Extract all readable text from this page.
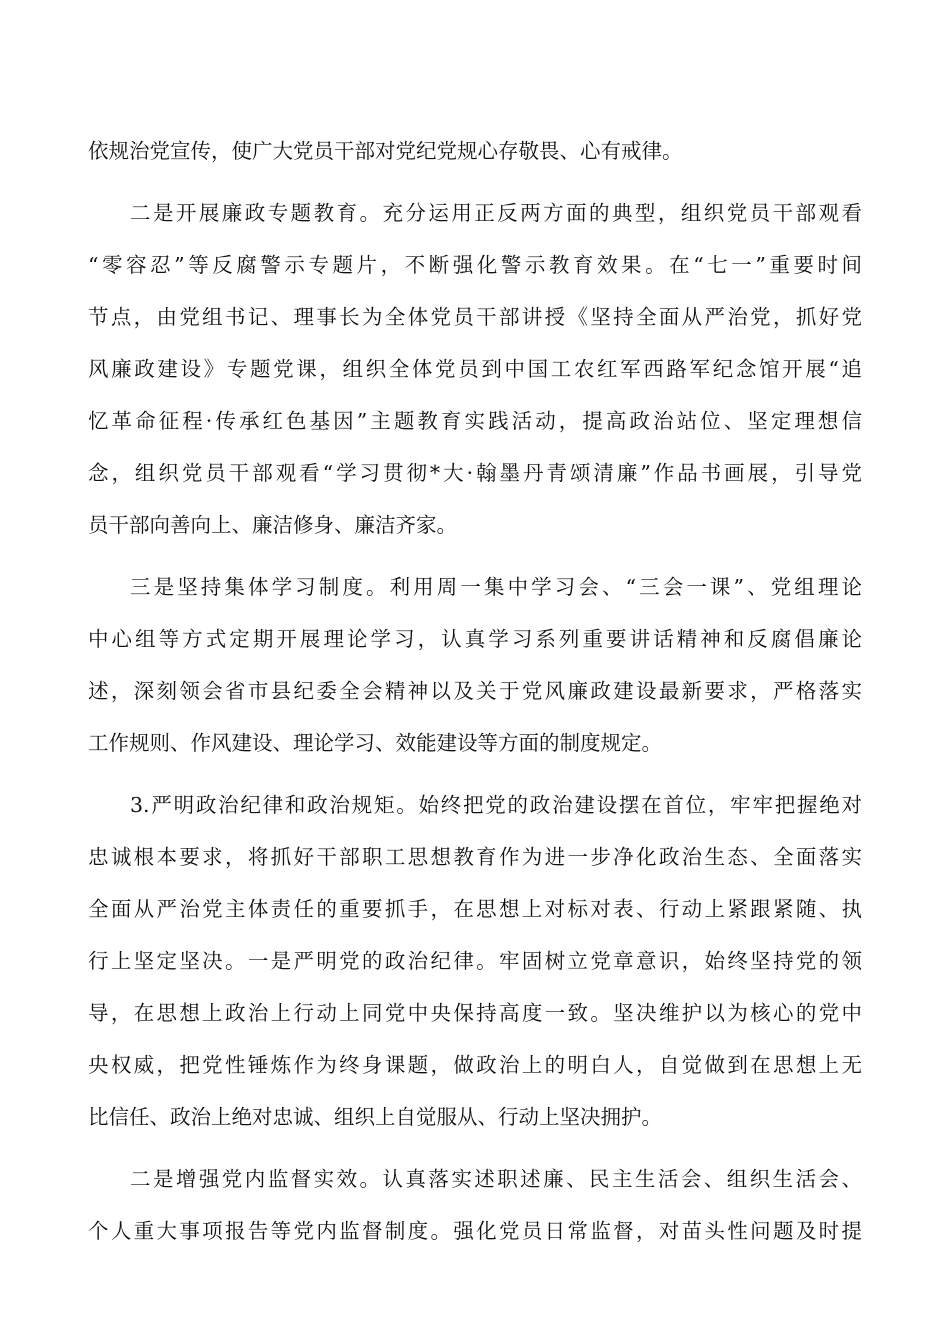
依规治党宣传，使广大党员干部对党纪党规心存敬畏、心有戒律。
二是开展廉政专题教育。充分运用正反两方面的典型，组织党员干部观看
“零容忍”等反腐警示专题片，不断强化警示教育效果。在“七一”重要时间
节点，由党组书记、理事长为全体党员干部讲授《坚持全面从严治党，抓好党
风廉政建设》专题党课，组织全体党员到中国工农红军西路军纪念馆开展“追
忆革命征程·传承红色基因”主题教育实践活动，提高政治站位、坚定理想信
念，组织党员干部观看“学习贯彻*大·翰墨丹青颂清廉”作品书画展，引导党
员干部向善向上、廉洁修身、廉洁齐家。
三是坚持集体学习制度。利用周一集中学习会、“三会一课”、党组理论
中心组等方式定期开展理论学习，认真学习系列重要讲话精神和反腐倡廉论
述，深刻领会省市县纪委全会精神以及关于党风廉政建设最新要求，严格落实
工作规则、作风建设、理论学习、效能建设等方面的制度规定。
3.严明政治纪律和政治规矩。始终把党的政治建设摆在首位，牢牢把握绝对
忠诚根本要求，将抓好干部职工思想教育作为进一步净化政治生态、全面落实
全面从严治党主体责任的重要抓手，在思想上对标对表、行动上紧跟紧随、执
行上坚定坚决。一是严明党的政治纪律。牢固树立党章意识，始终坚持党的领
导，在思想上政治上行动上同党中央保持高度一致。坚决维护以为核心的党中
央权威，把党性锤炼作为终身课题，做政治上的明白人，自觉做到在思想上无
比信任、政治上绝对忠诚、组织上自觉服从、行动上坚决拥护。
二是增强党内监督实效。认真落实述职述廉、民主生活会、组织生活会、
个人重大事项报告等党内监督制度。强化党员日常监督，对苗头性问题及时提
